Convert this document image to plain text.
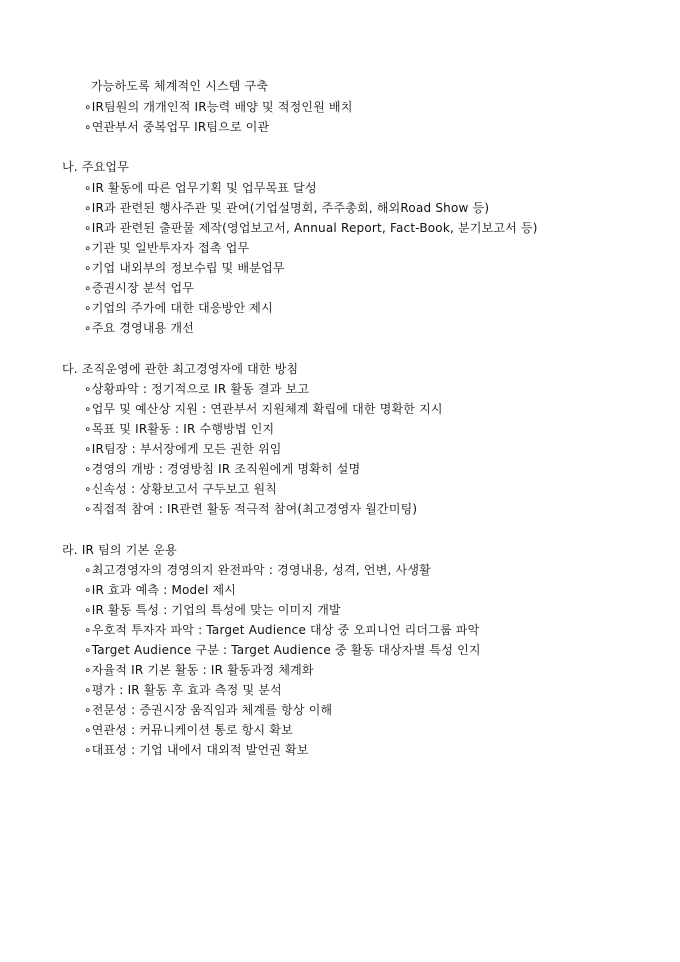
가능하도록 체계적인 시스템 구축
∘IR팀원의 개개인적 IR능력 배양 및 적정인원 배치
∘연관부서 중복업무 IR팀으로 이관
나. 주요업무
∘IR 활동에 따른 업무기획 및 업무목표 달성
∘IR과 관련된 행사주관 및 관여(기업설명회, 주주총회, 해외Road Show 등)
∘IR과 관련된 출판물 제작(영업보고서, Annual Report, Fact-Book, 분기보고서 등)
∘기관 및 일반투자자 접촉 업무
∘기업 내외부의 정보수립 및 배분업무
∘증권시장 분석 업무
∘기업의 주가에 대한 대응방안 제시
∘주요 경영내용 개선
다. 조직운영에 관한 최고경영자에 대한 방침
∘상황파악 : 정기적으로 IR 활동 결과 보고
∘업무 및 예산상 지원 : 연관부서 지원체계 확립에 대한 명확한 지시
∘목표 및 IR활동 : IR 수행방법 인지
∘IR팀장 : 부서장에게 모든 권한 위임
∘경영의 개방 : 경영방침 IR 조직원에게 명확히 설명
∘신속성 : 상황보고서 구두보고 원칙
∘직접적 참여 : IR관련 활동 적극적 참여(최고경영자 월간미팅)
라. IR 팀의 기본 운용
∘최고경영자의 경영의지 완전파악 : 경영내용, 성격, 언변, 사생활
∘IR 효과 예측 : Model 제시
∘IR 활동 특성 : 기업의 특성에 맞는 이미지 개발
∘우호적 투자자 파악 : Target Audience 대상 중 오피니언 리더그룹 파악
∘Target Audience 구분 : Target Audience 중 활동 대상자별 특성 인지
∘자율적 IR 기본 활동 : IR 활동과정 체계화
∘평가 : IR 활동 후 효과 측정 및 분석
∘전문성 : 증권시장 움직임과 체계를 항상 이해
∘연관성 : 커뮤니케이션 통로 항시 확보
∘대표성 : 기업 내에서 대외적 발언권 확보
